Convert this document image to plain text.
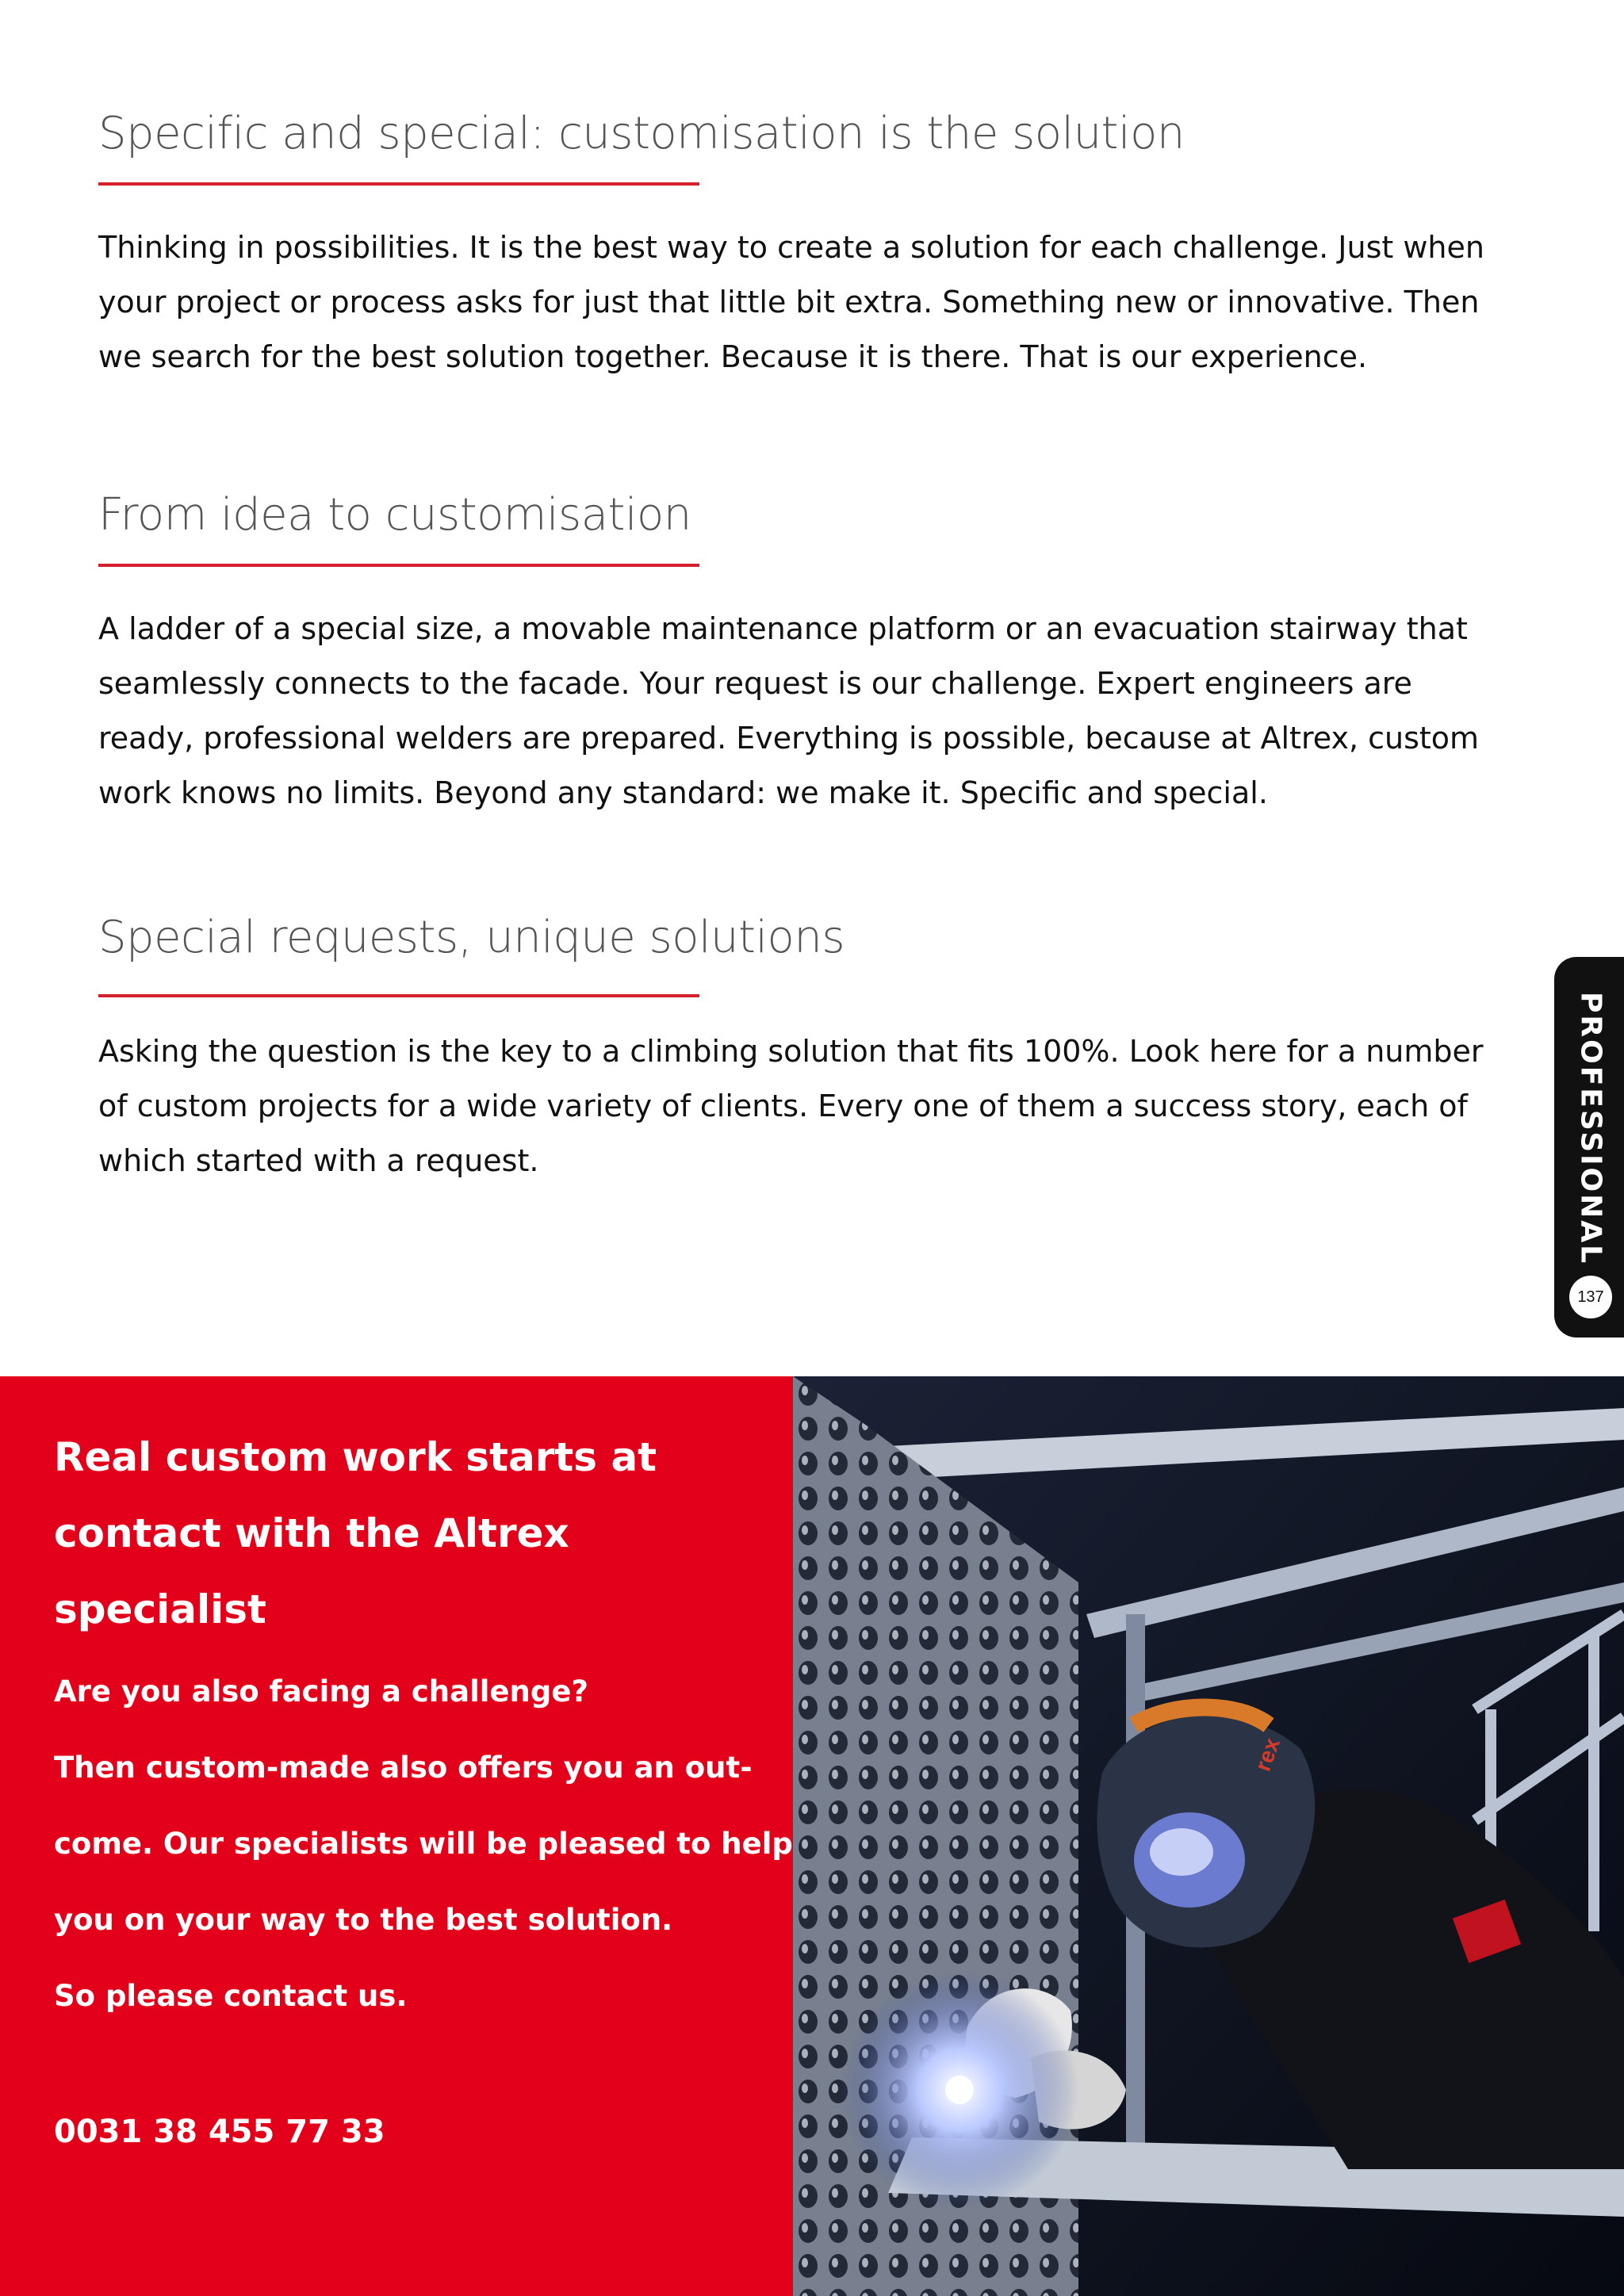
Specific and special: customisation is the solution

Thinking in possibilities. It is the best way to create a solution for each challenge. Just when your project or process asks for just that little bit extra. Something new or innovative. Then we search for the best solution together. Because it is there. That is our experience.

From idea to customisation

A ladder of a special size, a movable maintenance platform or an evacuation stairway that seamlessly connects to the facade. Your request is our challenge. Expert engineers are ready, professional welders are prepared. Everything is possible, because at Altrex, custom work knows no limits. Beyond any standard: we make it. Specific and special.

Special requests, unique solutions

Asking the question is the key to a climbing solution that fits 100%. Look here for a number of custom projects for a wide variety of clients. Every one of them a success story, each of which started with a request.	PROFESSIONAL
137
Real custom work starts at contact with the Altrex specialist

Are you also facing a challenge?

Then custom-made also offers you an out-

come. Our specialists will be pleased to help

you on your way to the best solution.

So please contact us.

0031 38 455 77 33

rex
